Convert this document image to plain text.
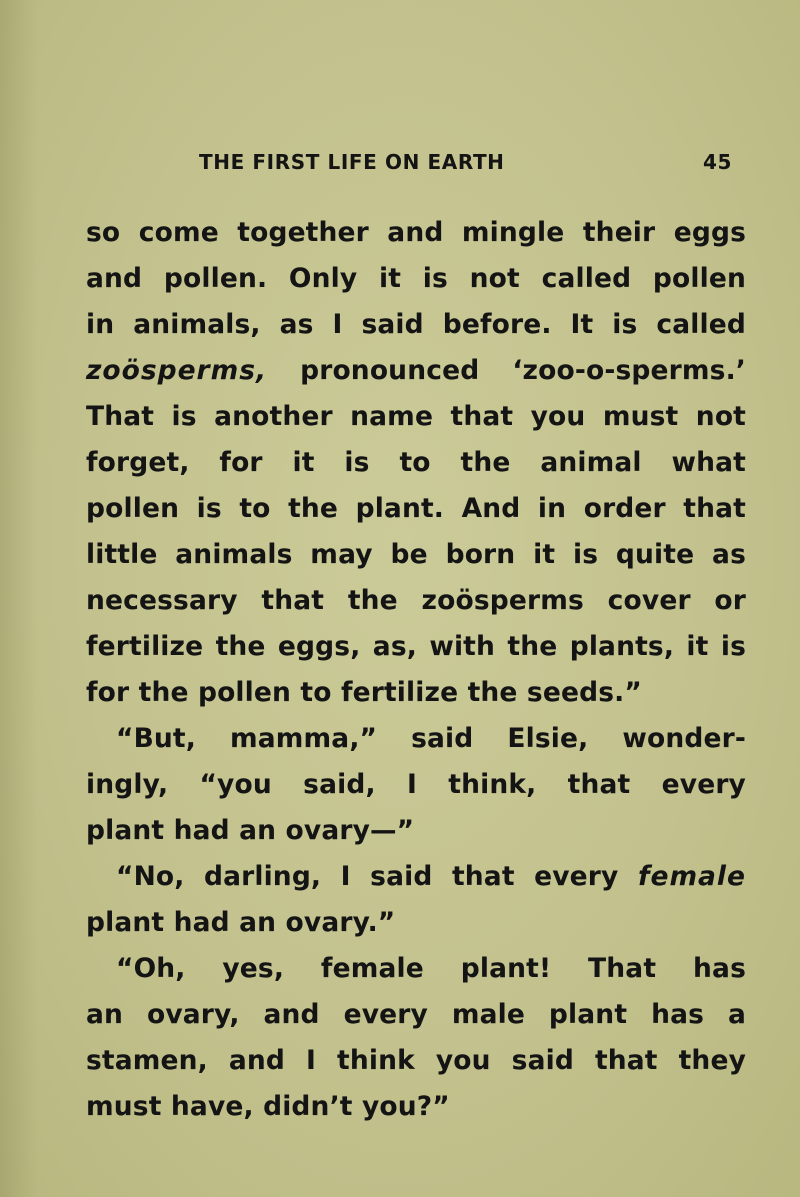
THE FIRST LIFE ON EARTH	45
so come together and mingle their eggs
and pollen. Only it is not called pollen
in animals, as I said before. It is called
zoösperms, pronounced ‘zoo-o-sperms.’
That is another name that you must not
forget, for it is to the animal what
pollen is to the plant. And in order that
little animals may be born it is quite as
necessary that the zoösperms cover or
fertilize the eggs, as, with the plants, it is
for the pollen to fertilize the seeds.”
“But, mamma,” said Elsie, wonder-
ingly, “you said, I think, that every
plant had an ovary—”
“No, darling, I said that every female
plant had an ovary.”
“Oh, yes, female plant! That has
an ovary, and every male plant has a
stamen, and I think you said that they
must have, didn’t you?”
